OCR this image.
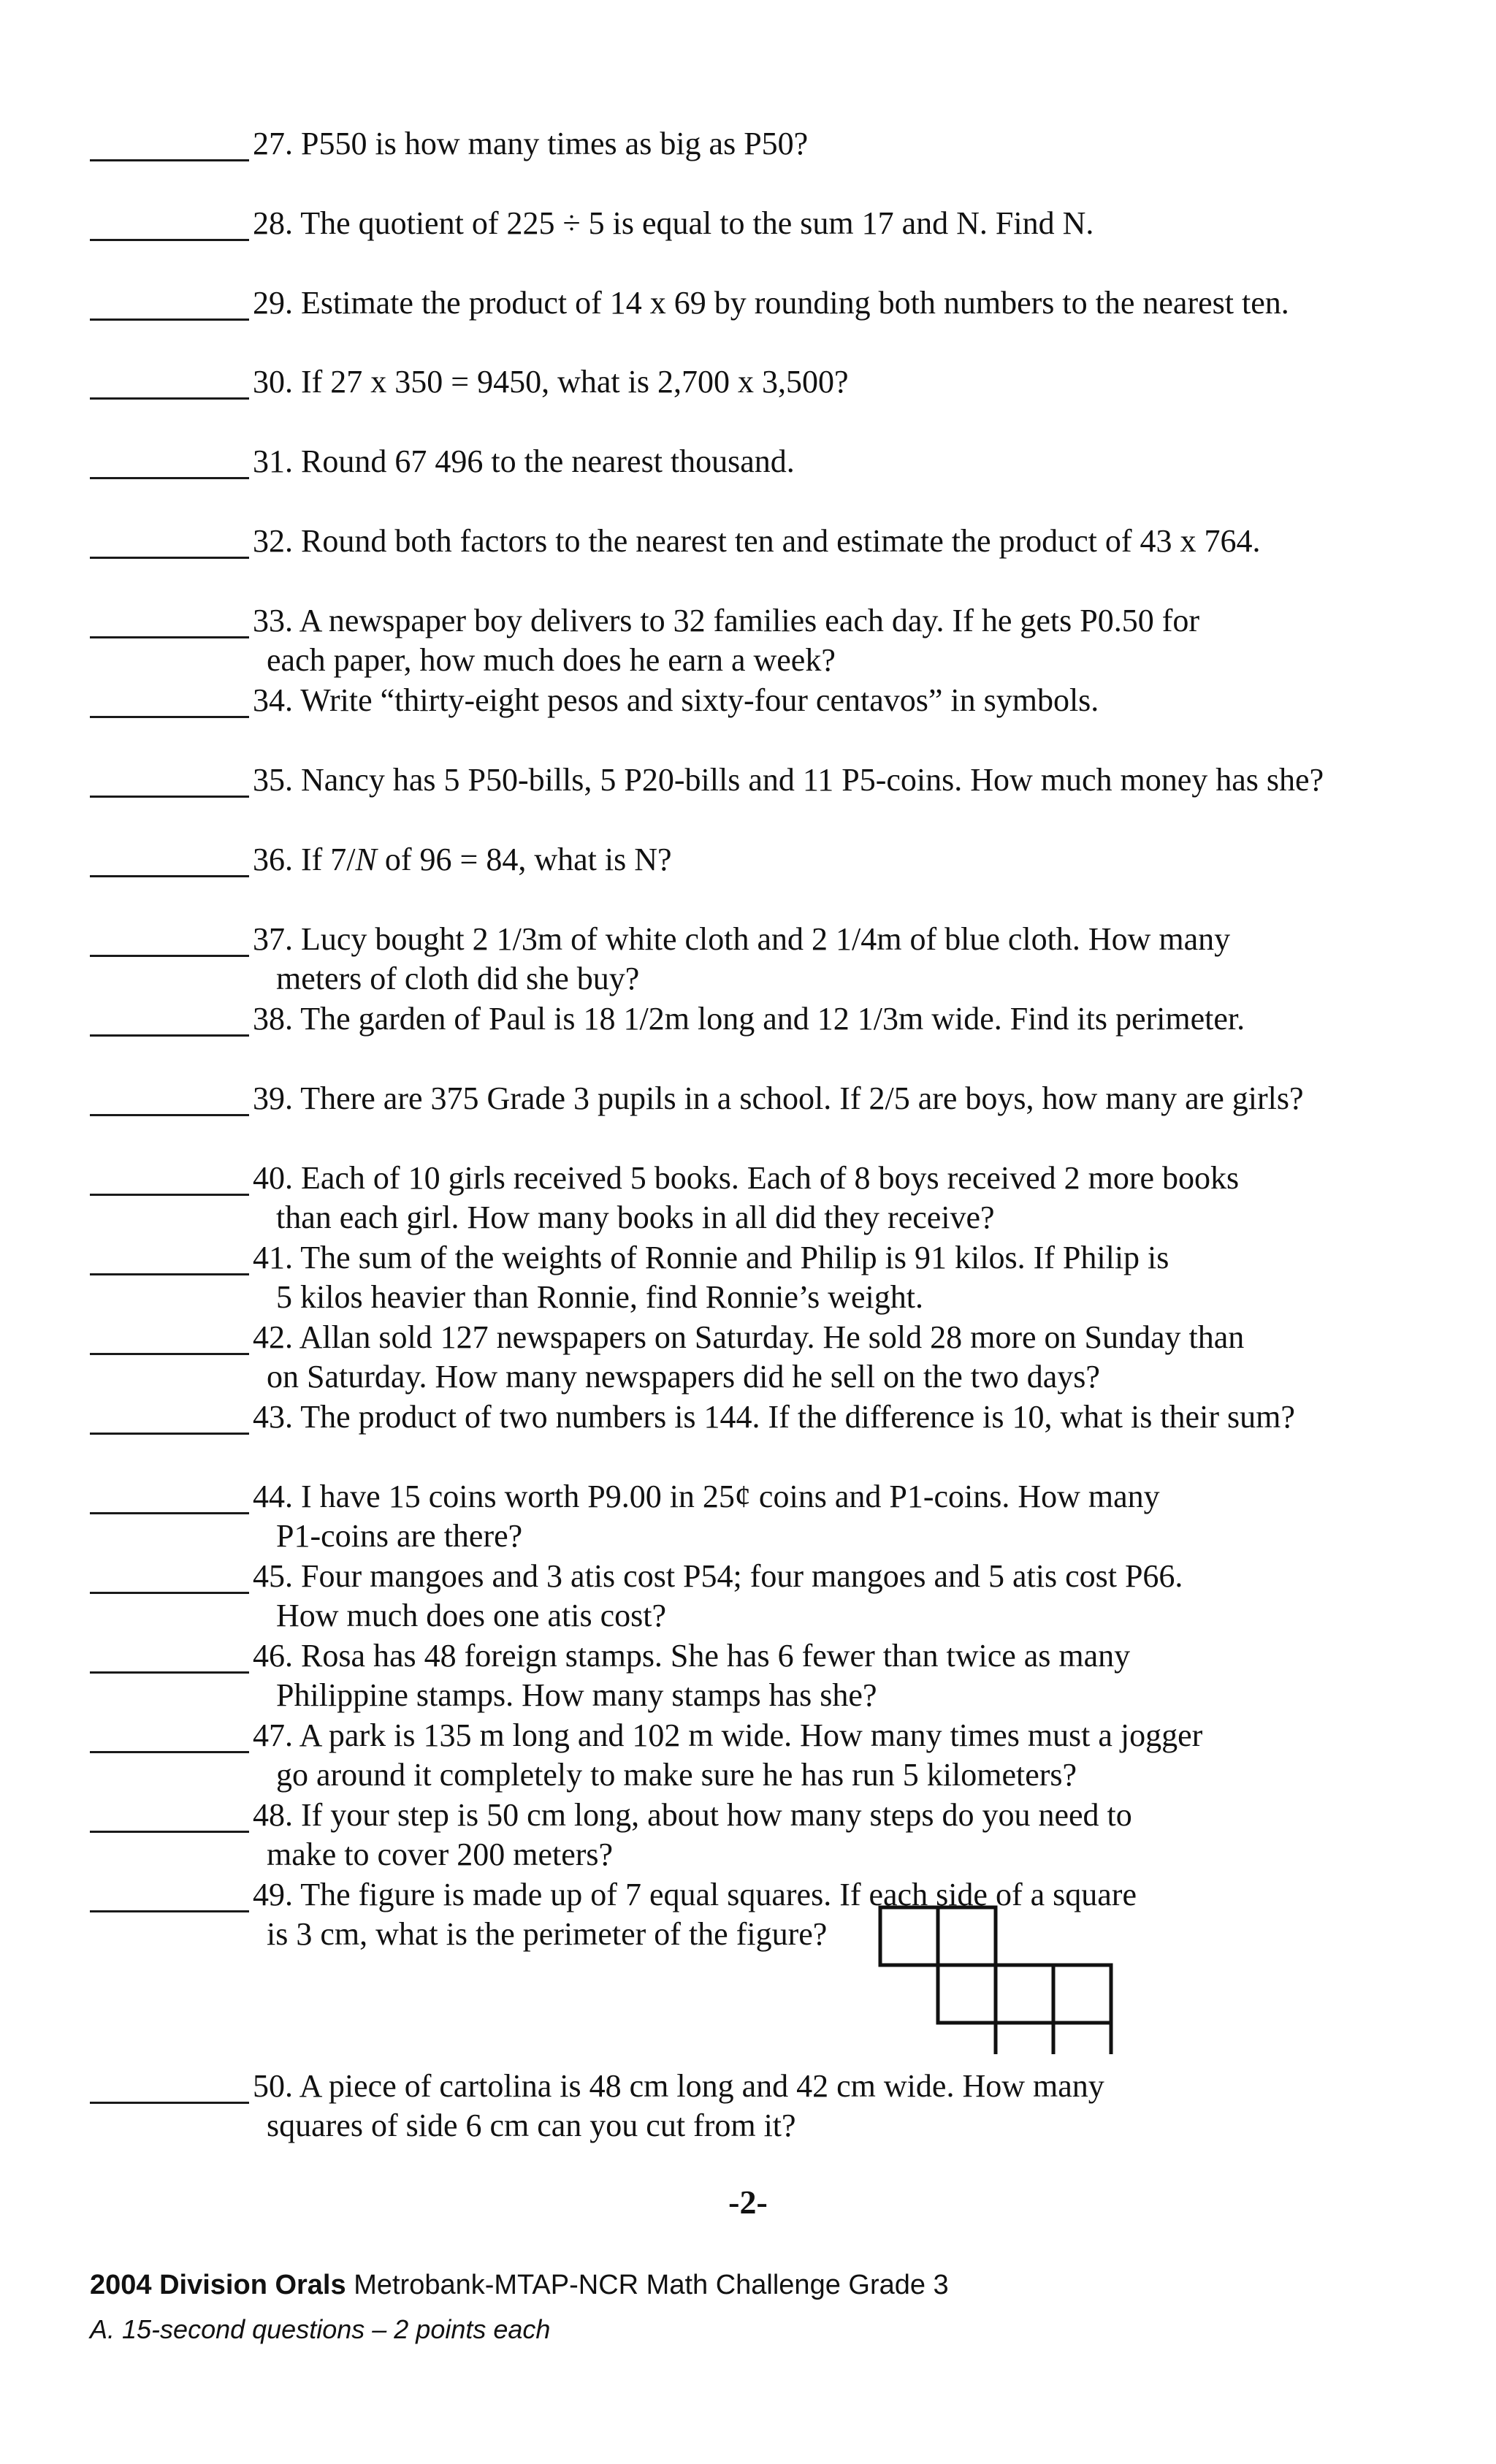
27. P550 is how many times as big as P50?
28. The quotient of 225 ÷ 5 is equal to the sum 17 and N. Find N.
29. Estimate the product of 14 x 69 by rounding both numbers to the nearest ten.
30. If 27 x 350 = 9450, what is 2,700 x 3,500?
31. Round 67 496 to the nearest thousand.
32. Round both factors to the nearest ten and estimate the product of 43 x 764.
33. A newspaper boy delivers to 32 families each day. If he gets P0.50 for
each paper, how much does he earn a week?
34. Write “thirty-eight pesos and sixty-four centavos” in symbols.
35. Nancy has 5 P50-bills, 5 P20-bills and 11 P5-coins. How much money has she?
36. If 7/N of 96 = 84, what is N?
37. Lucy bought 2 1/3m of white cloth and 2 1/4m of blue cloth. How many
meters of cloth did she buy?
38. The garden of Paul is 18 1/2m long and 12 1/3m wide. Find its perimeter.
39. There are 375 Grade 3 pupils in a school. If 2/5 are boys, how many are girls?
40. Each of 10 girls received 5 books. Each of 8 boys received 2 more books
than each girl. How many books in all did they receive?
41. The sum of the weights of Ronnie and Philip is 91 kilos. If Philip is
5 kilos heavier than Ronnie, find Ronnie’s weight.
42. Allan sold 127 newspapers on Saturday. He sold 28 more on Sunday than
on Saturday. How many newspapers did he sell on the two days?
43. The product of two numbers is 144. If the difference is 10, what is their sum?
44. I have 15 coins worth P9.00 in 25¢ coins and P1-coins. How many
P1-coins are there?
45. Four mangoes and 3 atis cost P54; four mangoes and 5 atis cost P66.
How much does one atis cost?
46. Rosa has 48 foreign stamps. She has 6 fewer than twice as many
Philippine stamps. How many stamps has she?
47. A park is 135 m long and 102 m wide. How many times must a jogger
go around it completely to make sure he has run 5 kilometers?
48. If your step is 50 cm long, about how many steps do you need to
make to cover 200 meters?
49. The figure is made up of 7 equal squares. If each side of a square
is 3 cm, what is the perimeter of the figure?
50. A piece of cartolina is 48 cm long and 42 cm wide. How many
squares of side 6 cm can you cut from it?
-2-
2004 Division Orals Metrobank-MTAP-NCR Math Challenge Grade 3
A. 15-second questions – 2 points each
